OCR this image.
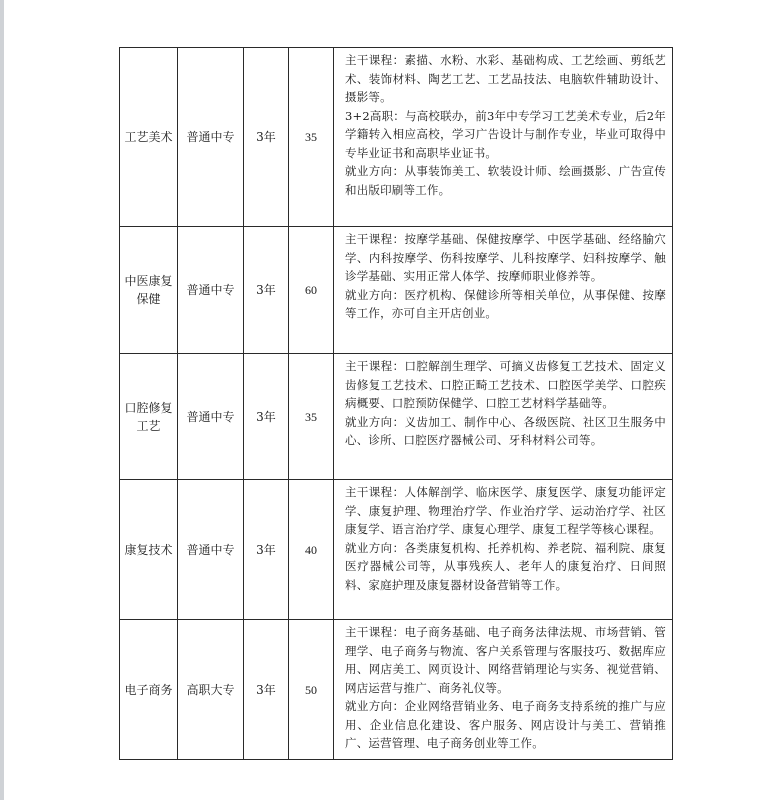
工艺美术	普通中专	3年	35	主干课程：素描、水粉、水彩、基础构成、工艺绘画、剪纸艺术、装饰材料、陶艺工艺、工艺品技法、电脑软件辅助设计、摄影等。

3+2高职：与高校联办，前3年中专学习工艺美术专业，后2年学籍转入相应高校，学习广告设计与制作专业，毕业可取得中专毕业证书和高职毕业证书。

就业方向：从事装饰美工、软装设计师、绘画摄影、广告宣传和出版印刷等工作。

中医康复保健	普通中专	3年	60	主干课程：按摩学基础、保健按摩学、中医学基础、经络腧穴学、内科按摩学、伤科按摩学、儿科按摩学、妇科按摩学、触诊学基础、实用正常人体学、按摩师职业修养等。

就业方向：医疗机构、保健诊所等相关单位，从事保健、按摩等工作，亦可自主开店创业。

口腔修复工艺	普通中专	3年	35	主干课程：口腔解剖生理学、可摘义齿修复工艺技术、固定义齿修复工艺技术、口腔正畸工艺技术、口腔医学美学、口腔疾病概要、口腔预防保健学、口腔工艺材料学基础等。

就业方向：义齿加工、制作中心、各级医院、社区卫生服务中心、诊所、口腔医疗器械公司、牙科材料公司等。

康复技术	普通中专	3年	40	主干课程：人体解剖学、临床医学、康复医学、康复功能评定学、康复护理、物理治疗学、作业治疗学、运动治疗学、社区康复学、语言治疗学、康复心理学、康复工程学等核心课程。

就业方向：各类康复机构、托养机构、养老院、福利院、康复医疗器械公司等，从事残疾人、老年人的康复治疗、日间照料、家庭护理及康复器材设备营销等工作。

电子商务	高职大专	3年	50	主干课程：电子商务基础、电子商务法律法规、市场营销、管理学、电子商务与物流、客户关系管理与客服技巧、数据库应用、网店美工、网页设计、网络营销理论与实务、视觉营销、网店运营与推广、商务礼仪等。

就业方向：企业网络营销业务、电子商务支持系统的推广与应用、企业信息化建设、客户服务、网店设计与美工、营销推广、运营管理、电子商务创业等工作。
